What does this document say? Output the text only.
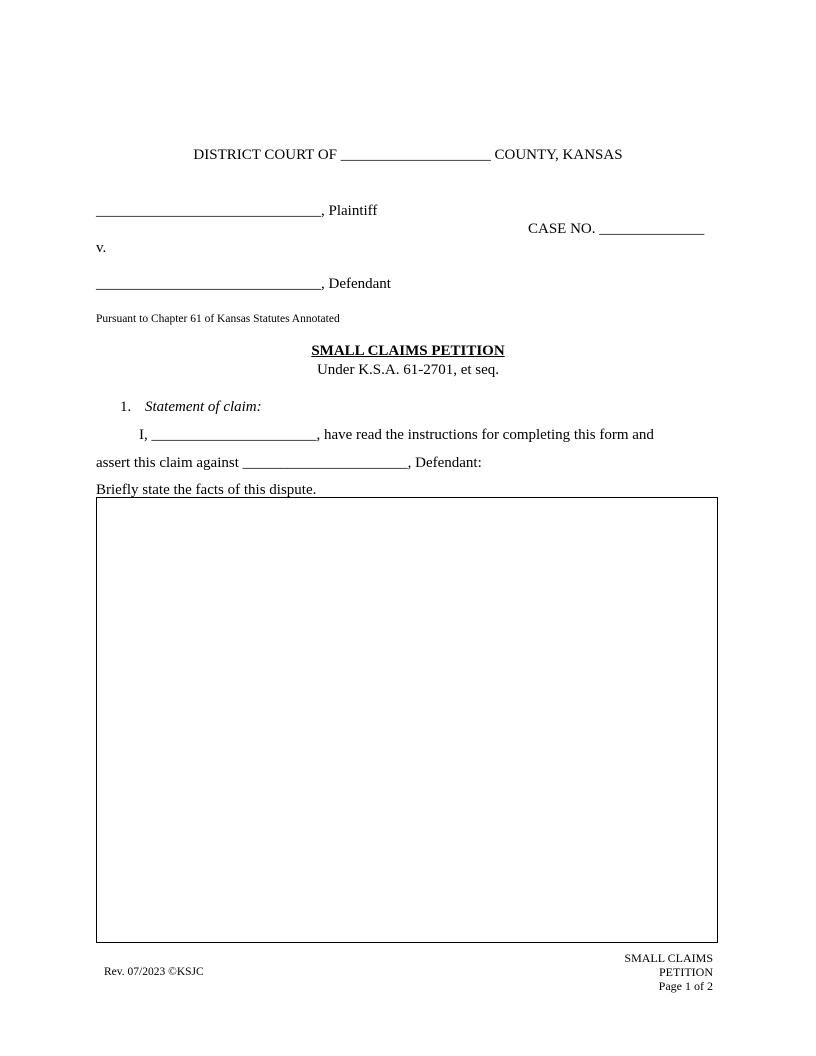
DISTRICT COURT OF ____________________ COUNTY, KANSAS
______________________________, Plaintiff
CASE NO. ______________
v.
______________________________, Defendant
Pursuant to Chapter 61 of Kansas Statutes Annotated
SMALL CLAIMS PETITION
Under K.S.A. 61-2701, et seq.
1. Statement of claim:
I, ______________________, have read the instructions for completing this form and
assert this claim against ______________________, Defendant:
Briefly state the facts of this dispute.
Rev. 07/2023 ©KSJC
SMALL CLAIMS
PETITION
Page 1 of 2
